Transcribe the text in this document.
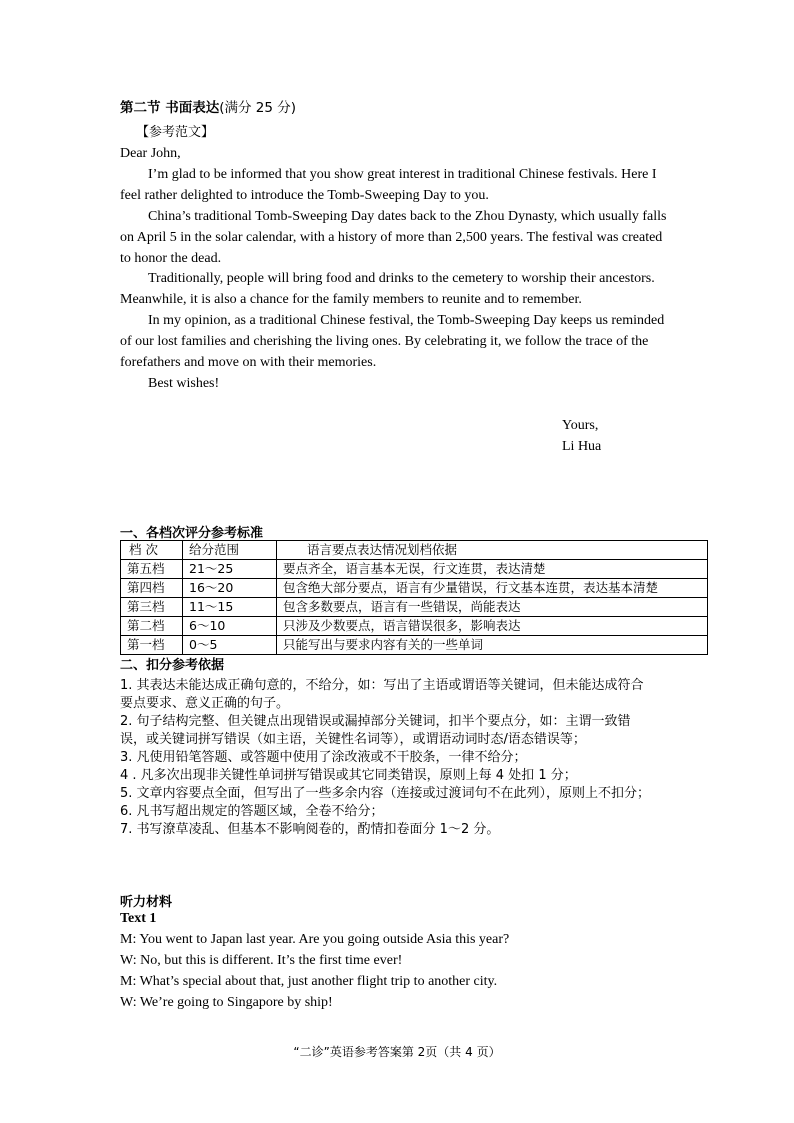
第二节 书面表达(满分 25 分)
【参考范文】
Dear John,
I’m glad to be informed that you show great interest in traditional Chinese festivals. Here I
feel rather delighted to introduce the Tomb-Sweeping Day to you.
China’s traditional Tomb-Sweeping Day dates back to the Zhou Dynasty, which usually falls
on April 5 in the solar calendar, with a history of more than 2,500 years. The festival was created
to honor the dead.
Traditionally, people will bring food and drinks to the cemetery to worship their ancestors.
Meanwhile, it is also a chance for the family members to reunite and to remember.
In my opinion, as a traditional Chinese festival, the Tomb-Sweeping Day keeps us reminded
of our lost families and cherishing the living ones. By celebrating it, we follow the trace of the
forefathers and move on with their memories.
Best wishes!
Yours,
Li Hua
一、各档次评分参考标准
档 次	给分范围	语言要点表达情况划档依据
第五档	21～25	要点齐全，语言基本无误，行文连贯，表达清楚
第四档	16～20	包含绝大部分要点，语言有少量错误，行文基本连贯，表达基本清楚
第三档	11～15	包含多数要点，语言有一些错误，尚能表达
第二档	6～10	只涉及少数要点，语言错误很多，影响表达
第一档	0～5	只能写出与要求内容有关的一些单词
二、扣分参考依据
1. 其表达未能达成正确句意的，不给分，如：写出了主语或谓语等关键词，但未能达成符合
要点要求、意义正确的句子。
2. 句子结构完整、但关键点出现错误或漏掉部分关键词，扣半个要点分，如：主谓一致错
误，或关键词拼写错误（如主语，关键性名词等），或谓语动词时态/语态错误等；
3. 凡使用铅笔答题、或答题中使用了涂改液或不干胶条，一律不给分；
4 . 凡多次出现非关键性单词拼写错误或其它同类错误，原则上每 4 处扣 1 分；
5. 文章内容要点全面，但写出了一些多余内容（连接或过渡词句不在此列），原则上不扣分；
6. 凡书写超出规定的答题区域，全卷不给分；
7. 书写潦草凌乱、但基本不影响阅卷的，酌情扣卷面分 1～2 分。
听力材料
Text 1
M: You went to Japan last year. Are you going outside Asia this year?
W: No, but this is different. It’s the first time ever!
M: What’s special about that, just another flight trip to another city.
W: We’re going to Singapore by ship!
“二诊”英语参考答案第 2页（共 4 页）
